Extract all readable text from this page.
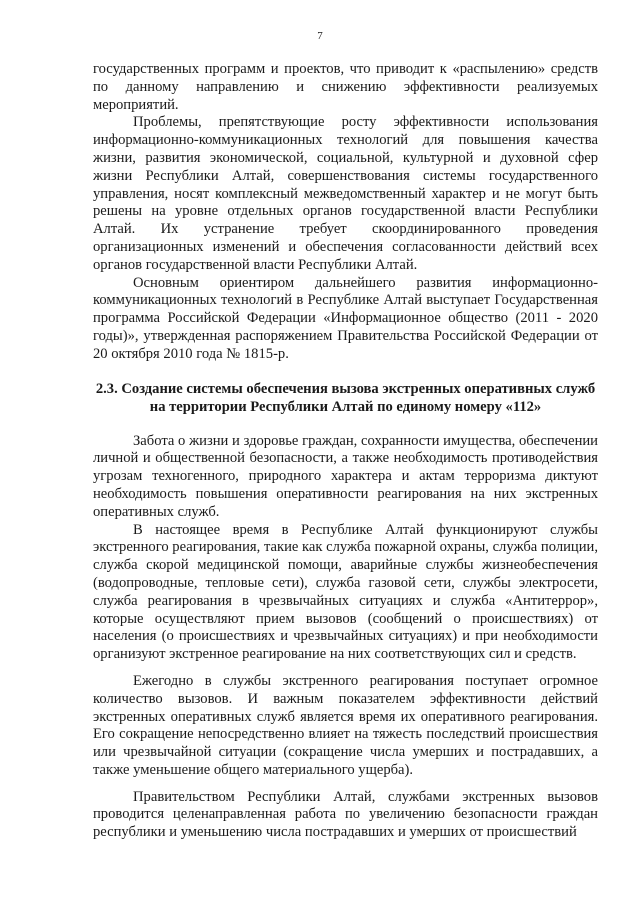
7

государственных программ и проектов, что приводит к «распылению» средств по данному направлению и снижению эффективности реализуемых мероприятий.

Проблемы, препятствующие росту эффективности использования информационно-коммуникационных технологий для повышения качества жизни, развития экономической, социальной, культурной и духовной сфер жизни Республики Алтай, совершенствования системы государственного управления, носят комплексный межведомственный характер и не могут быть решены на уровне отдельных органов государственной власти Республики Алтай. Их устранение требует скоординированного проведения организационных изменений и обеспечения согласованности действий всех органов государственной власти Республики Алтай.

Основным ориентиром дальнейшего развития информационно-коммуникационных технологий в Республике Алтай выступает Государственная программа Российской Федерации «Информационное общество (2011 - 2020 годы)», утвержденная распоряжением Правительства Российской Федерации от 20 октября 2010 года № 1815-р.

2.3. Создание системы обеспечения вызова экстренных оперативных служб на территории Республики Алтай по единому номеру «112»

Забота о жизни и здоровье граждан, сохранности имущества, обеспечении личной и общественной безопасности, а также необходимость противодействия угрозам техногенного, природного характера и актам терроризма диктуют необходимость повышения оперативности реагирования на них экстренных оперативных служб.

В настоящее время в Республике Алтай функционируют службы экстренного реагирования, такие как служба пожарной охраны, служба полиции, служба скорой медицинской помощи, аварийные службы жизнеобеспечения (водопроводные, тепловые сети), служба газовой сети, службы электросети, служба реагирования в чрезвычайных ситуациях и служба «Антитеррор», которые осуществляют прием вызовов (сообщений о происшествиях) от населения (о происшествиях и чрезвычайных ситуациях) и при необходимости организуют экстренное реагирование на них соответствующих сил и средств.

Ежегодно в службы экстренного реагирования поступает огромное количество вызовов. И важным показателем эффективности действий экстренных оперативных служб является время их оперативного реагирования. Его сокращение непосредственно влияет на тяжесть последствий происшествия или чрезвычайной ситуации (сокращение числа умерших и пострадавших, а также уменьшение общего материального ущерба).

Правительством Республики Алтай, службами экстренных вызовов проводится целенаправленная работа по увеличению безопасности граждан республики и уменьшению числа пострадавших и умерших от происшествий
